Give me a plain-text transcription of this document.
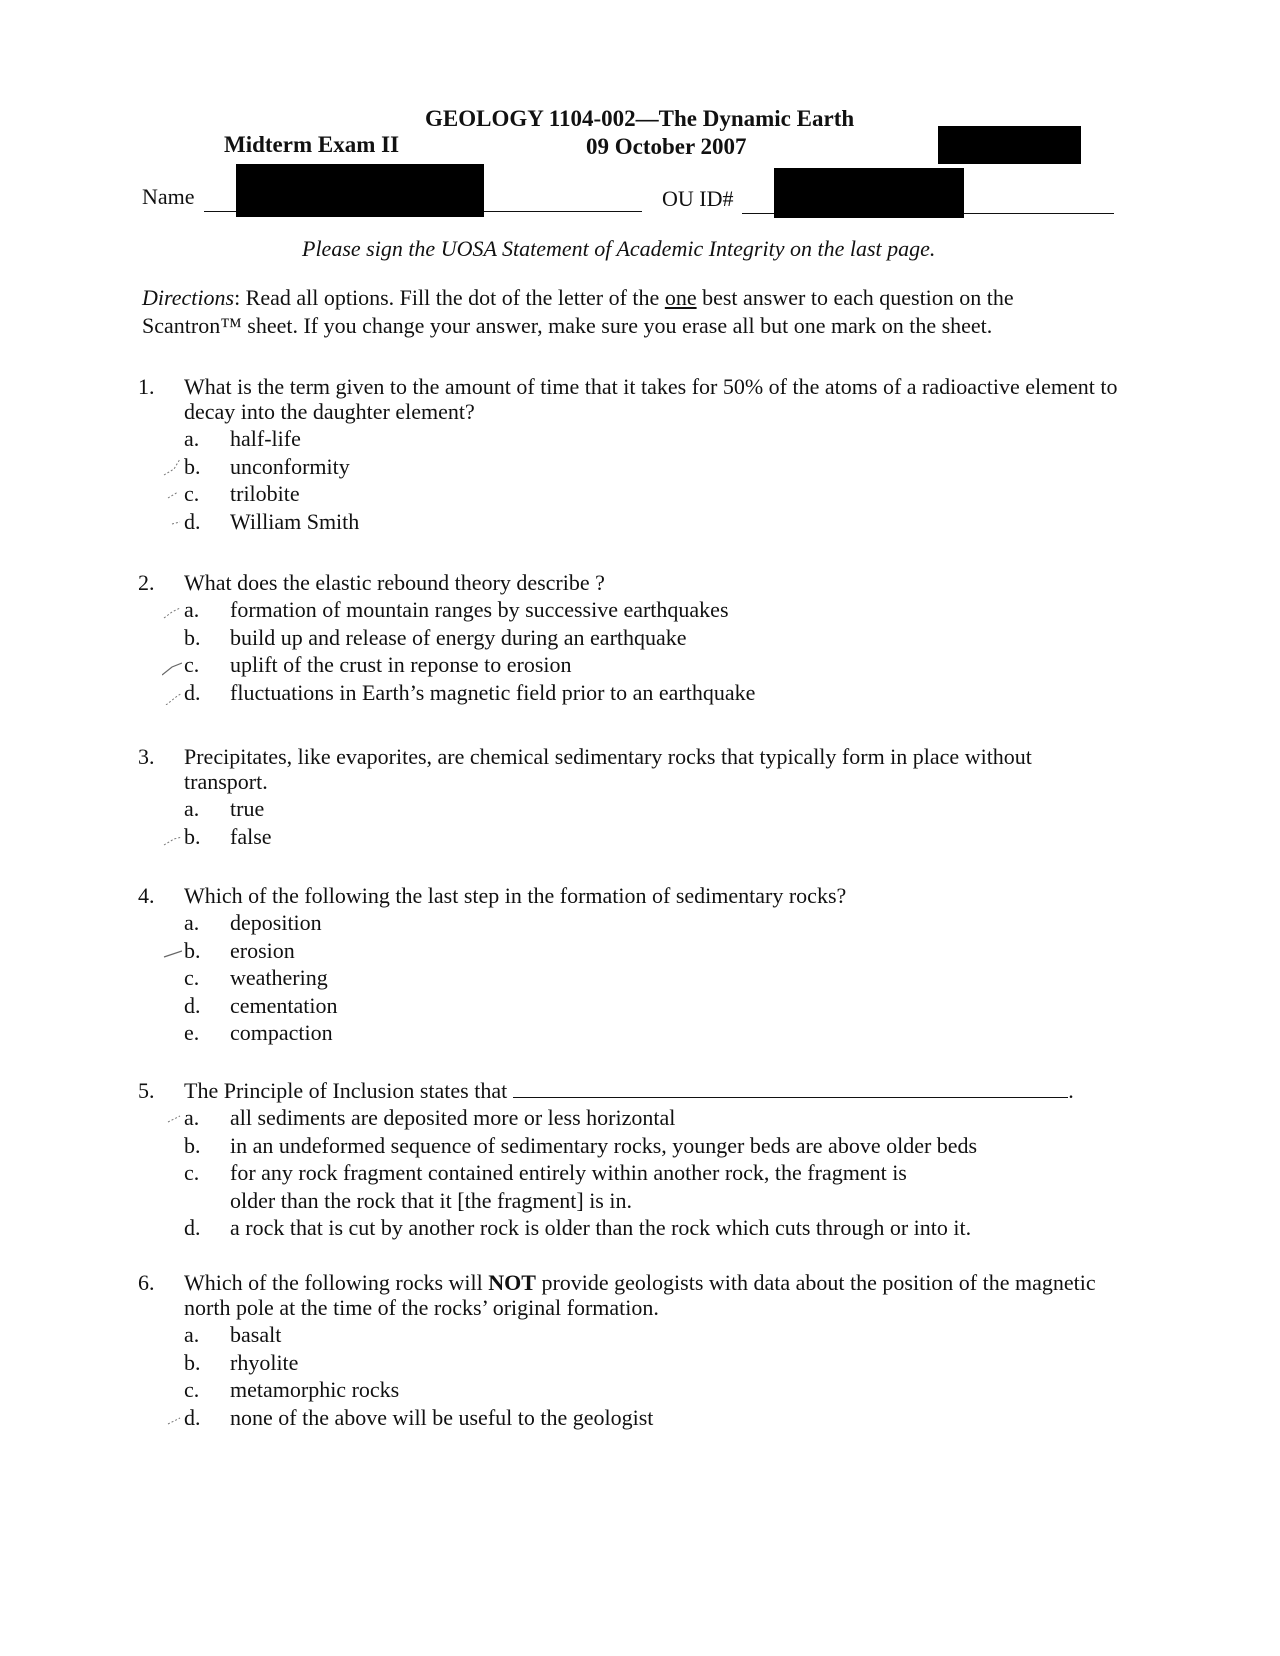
GEOLOGY 1104-002—The Dynamic Earth
Midterm Exam II	09 October 2007
Name	OU ID#
Please sign the UOSA Statement of Academic Integrity on the last page.
Directions: Read all options. Fill the dot of the letter of the one best answer to each question on the Scantron™ sheet. If you change your answer, make sure you erase all but one mark on the sheet.
1. What is the term given to the amount of time that it takes for 50% of the atoms of a radioactive element to decay into the daughter element?
a. half-life
b. unconformity
c. trilobite
d. William Smith
2. What does the elastic rebound theory describe ?
a. formation of mountain ranges by successive earthquakes
b. build up and release of energy during an earthquake
c. uplift of the crust in reponse to erosion
d. fluctuations in Earth’s magnetic field prior to an earthquake
3. Precipitates, like evaporites, are chemical sedimentary rocks that typically form in place without transport.
a. true
b. false
4. Which of the following the last step in the formation of sedimentary rocks?
a. deposition
b. erosion
c. weathering
d. cementation
e. compaction
5. The Principle of Inclusion states that	.
a. all sediments are deposited more or less horizontal
b. in an undeformed sequence of sedimentary rocks, younger beds are above older beds
c. for any rock fragment contained entirely within another rock, the fragment is
older than the rock that it [the fragment] is in.
d. a rock that is cut by another rock is older than the rock which cuts through or into it.
6. Which of the following rocks will NOT provide geologists with data about the position of the magnetic north pole at the time of the rocks’ original formation.
a. basalt
b. rhyolite
c. metamorphic rocks
d. none of the above will be useful to the geologist
